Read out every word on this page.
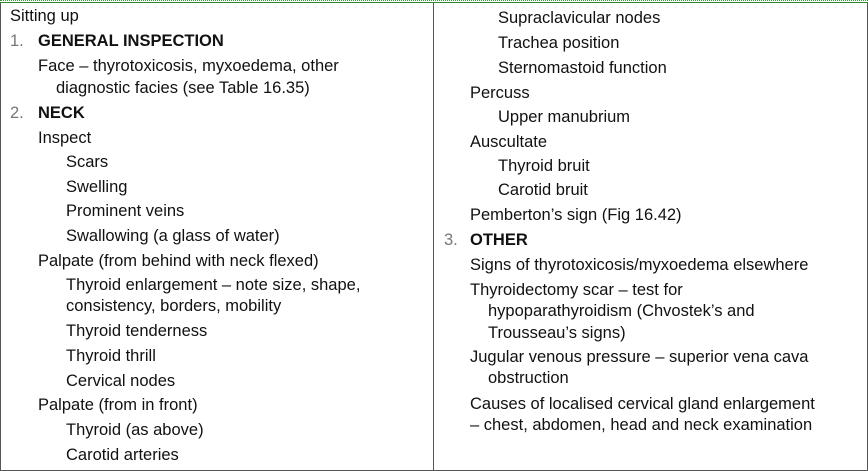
Sitting up
1. GENERAL INSPECTION
Face – thyrotoxicosis, myxoedema, other
diagnostic facies (see Table 16.35)
2. NECK
Inspect
Scars
Swelling
Prominent veins
Swallowing (a glass of water)
Palpate (from behind with neck flexed)
Thyroid enlargement – note size, shape,
consistency, borders, mobility
Thyroid tenderness
Thyroid thrill
Cervical nodes
Palpate (from in front)
Thyroid (as above)
Carotid arteries
Supraclavicular nodes
Trachea position
Sternomastoid function
Percuss
Upper manubrium
Auscultate
Thyroid bruit
Carotid bruit
Pemberton’s sign (Fig 16.42)
3. OTHER
Signs of thyrotoxicosis/myxoedema elsewhere
Thyroidectomy scar – test for
hypoparathyroidism (Chvostek’s and
Trousseau’s signs)
Jugular venous pressure – superior vena cava
obstruction
Causes of localised cervical gland enlargement
– chest, abdomen, head and neck examination
